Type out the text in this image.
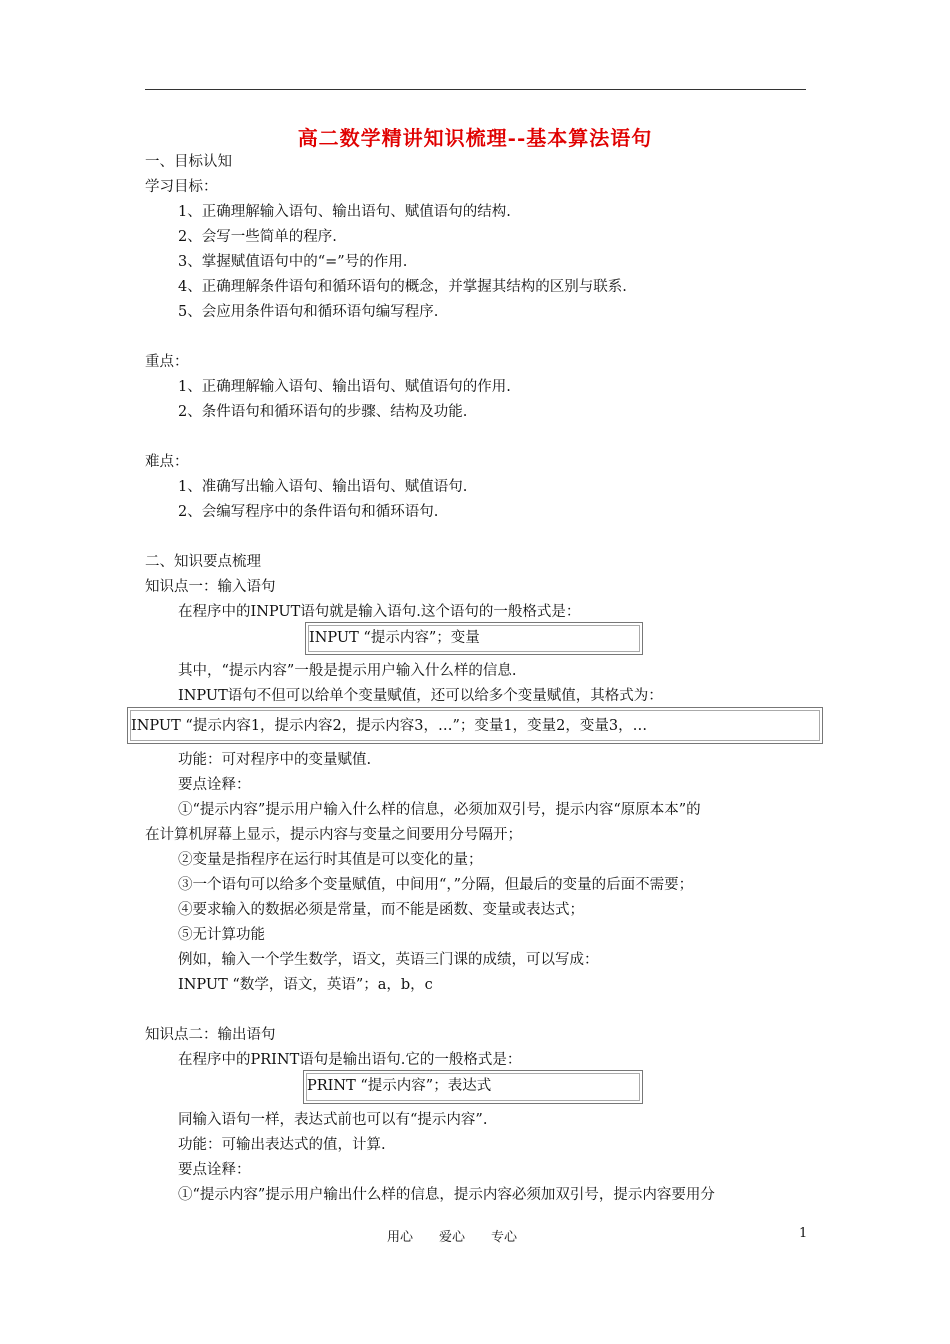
高二数学精讲知识梳理--基本算法语句
一、目标认知
学习目标：
1、正确理解输入语句、输出语句、赋值语句的结构.
2、会写一些简单的程序.
3、掌握赋值语句中的“=”号的作用.
4、正确理解条件语句和循环语句的概念，并掌握其结构的区别与联系.
5、会应用条件语句和循环语句编写程序.
重点：
1、正确理解输入语句、输出语句、赋值语句的作用.
2、条件语句和循环语句的步骤、结构及功能.
难点：
1、准确写出输入语句、输出语句、赋值语句.
2、会编写程序中的条件语句和循环语句.
二、知识要点梳理
知识点一：输入语句
在程序中的INPUT语句就是输入语句.这个语句的一般格式是：
INPUT “提示内容”；变量
其中，“提示内容”一般是提示用户输入什么样的信息.
INPUT语句不但可以给单个变量赋值，还可以给多个变量赋值，其格式为：
INPUT “提示内容1，提示内容2，提示内容3，…”；变量1，变量2，变量3，…
功能：可对程序中的变量赋值.
要点诠释：
①“提示内容”提示用户输入什么样的信息，必须加双引号，提示内容“原原本本”的
在计算机屏幕上显示，提示内容与变量之间要用分号隔开；
②变量是指程序在运行时其值是可以变化的量；
③一个语句可以给多个变量赋值，中间用“，”分隔，但最后的变量的后面不需要；
④要求输入的数据必须是常量，而不能是函数、变量或表达式；
⑤无计算功能
例如，输入一个学生数学，语文，英语三门课的成绩，可以写成：
INPUT “数学，语文，英语”；a，b，c
知识点二：输出语句
在程序中的PRINT语句是输出语句.它的一般格式是：
PRINT “提示内容”；表达式
同输入语句一样，表达式前也可以有“提示内容”.
功能：可输出表达式的值，计算.
要点诠释：
①“提示内容”提示用户输出什么样的信息，提示内容必须加双引号，提示内容要用分
用心　　爱心　　专心	1
